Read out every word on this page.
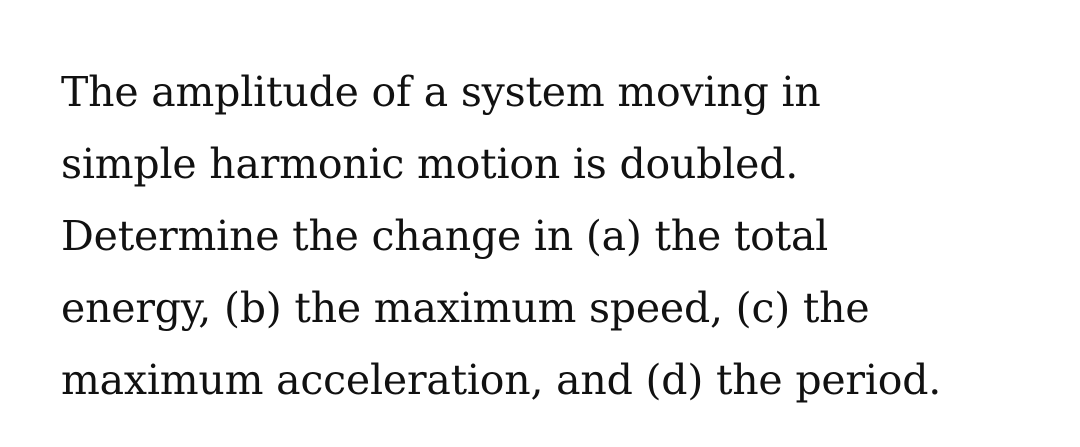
The amplitude of a system moving in
simple harmonic motion is doubled.
Determine the change in (a) the total
energy, (b) the maximum speed, (c) the
maximum acceleration, and (d) the period.
